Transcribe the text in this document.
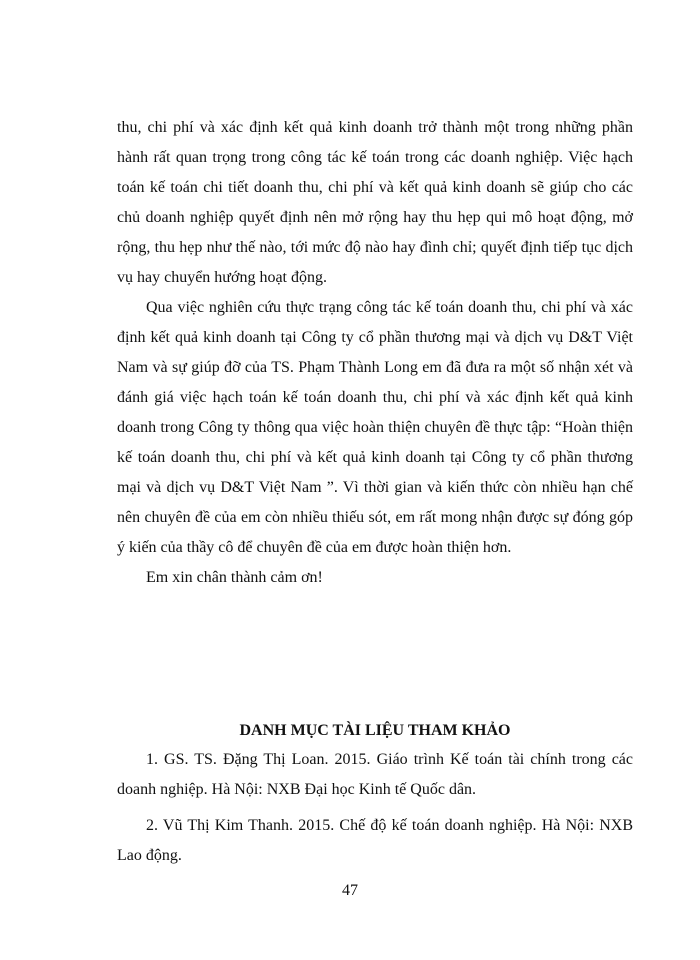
thu, chi phí và xác định kết quả kinh doanh trở thành một trong những phần hành rất quan trọng trong công tác kế toán trong các doanh nghiệp. Việc hạch toán kế toán chi tiết doanh thu, chi phí và kết quả kinh doanh sẽ giúp cho các chủ doanh nghiệp quyết định nên mở rộng hay thu hẹp qui mô hoạt động, mở rộng, thu hẹp như thế nào, tới mức độ nào hay đình chỉ; quyết định tiếp tục dịch vụ hay chuyển hướng hoạt động.

Qua việc nghiên cứu thực trạng công tác kế toán doanh thu, chi phí và xác định kết quả kinh doanh tại Công ty cổ phần thương mại và dịch vụ D&T Việt Nam và sự giúp đỡ của TS. Phạm Thành Long em đã đưa ra một số nhận xét và đánh giá việc hạch toán kế toán doanh thu, chi phí và xác định kết quả kinh doanh trong Công ty thông qua việc hoàn thiện chuyên đề thực tập: “Hoàn thiện kế toán doanh thu, chi phí và kết quả kinh doanh tại Công ty cổ phần thương mại và dịch vụ D&T Việt Nam ”. Vì thời gian và kiến thức còn nhiều hạn chế nên chuyên đề của em còn nhiều thiếu sót, em rất mong nhận được sự đóng góp ý kiến của thầy cô để chuyên đề của em được hoàn thiện hơn.

Em xin chân thành cảm ơn!

DANH MỤC TÀI LIỆU THAM KHẢO

1. GS. TS. Đặng Thị Loan. 2015. Giáo trình Kế toán tài chính trong các doanh nghiệp. Hà Nội: NXB Đại học Kinh tế Quốc dân.

2. Vũ Thị Kim Thanh. 2015. Chế độ kế toán doanh nghiệp. Hà Nội: NXB Lao động.

47
